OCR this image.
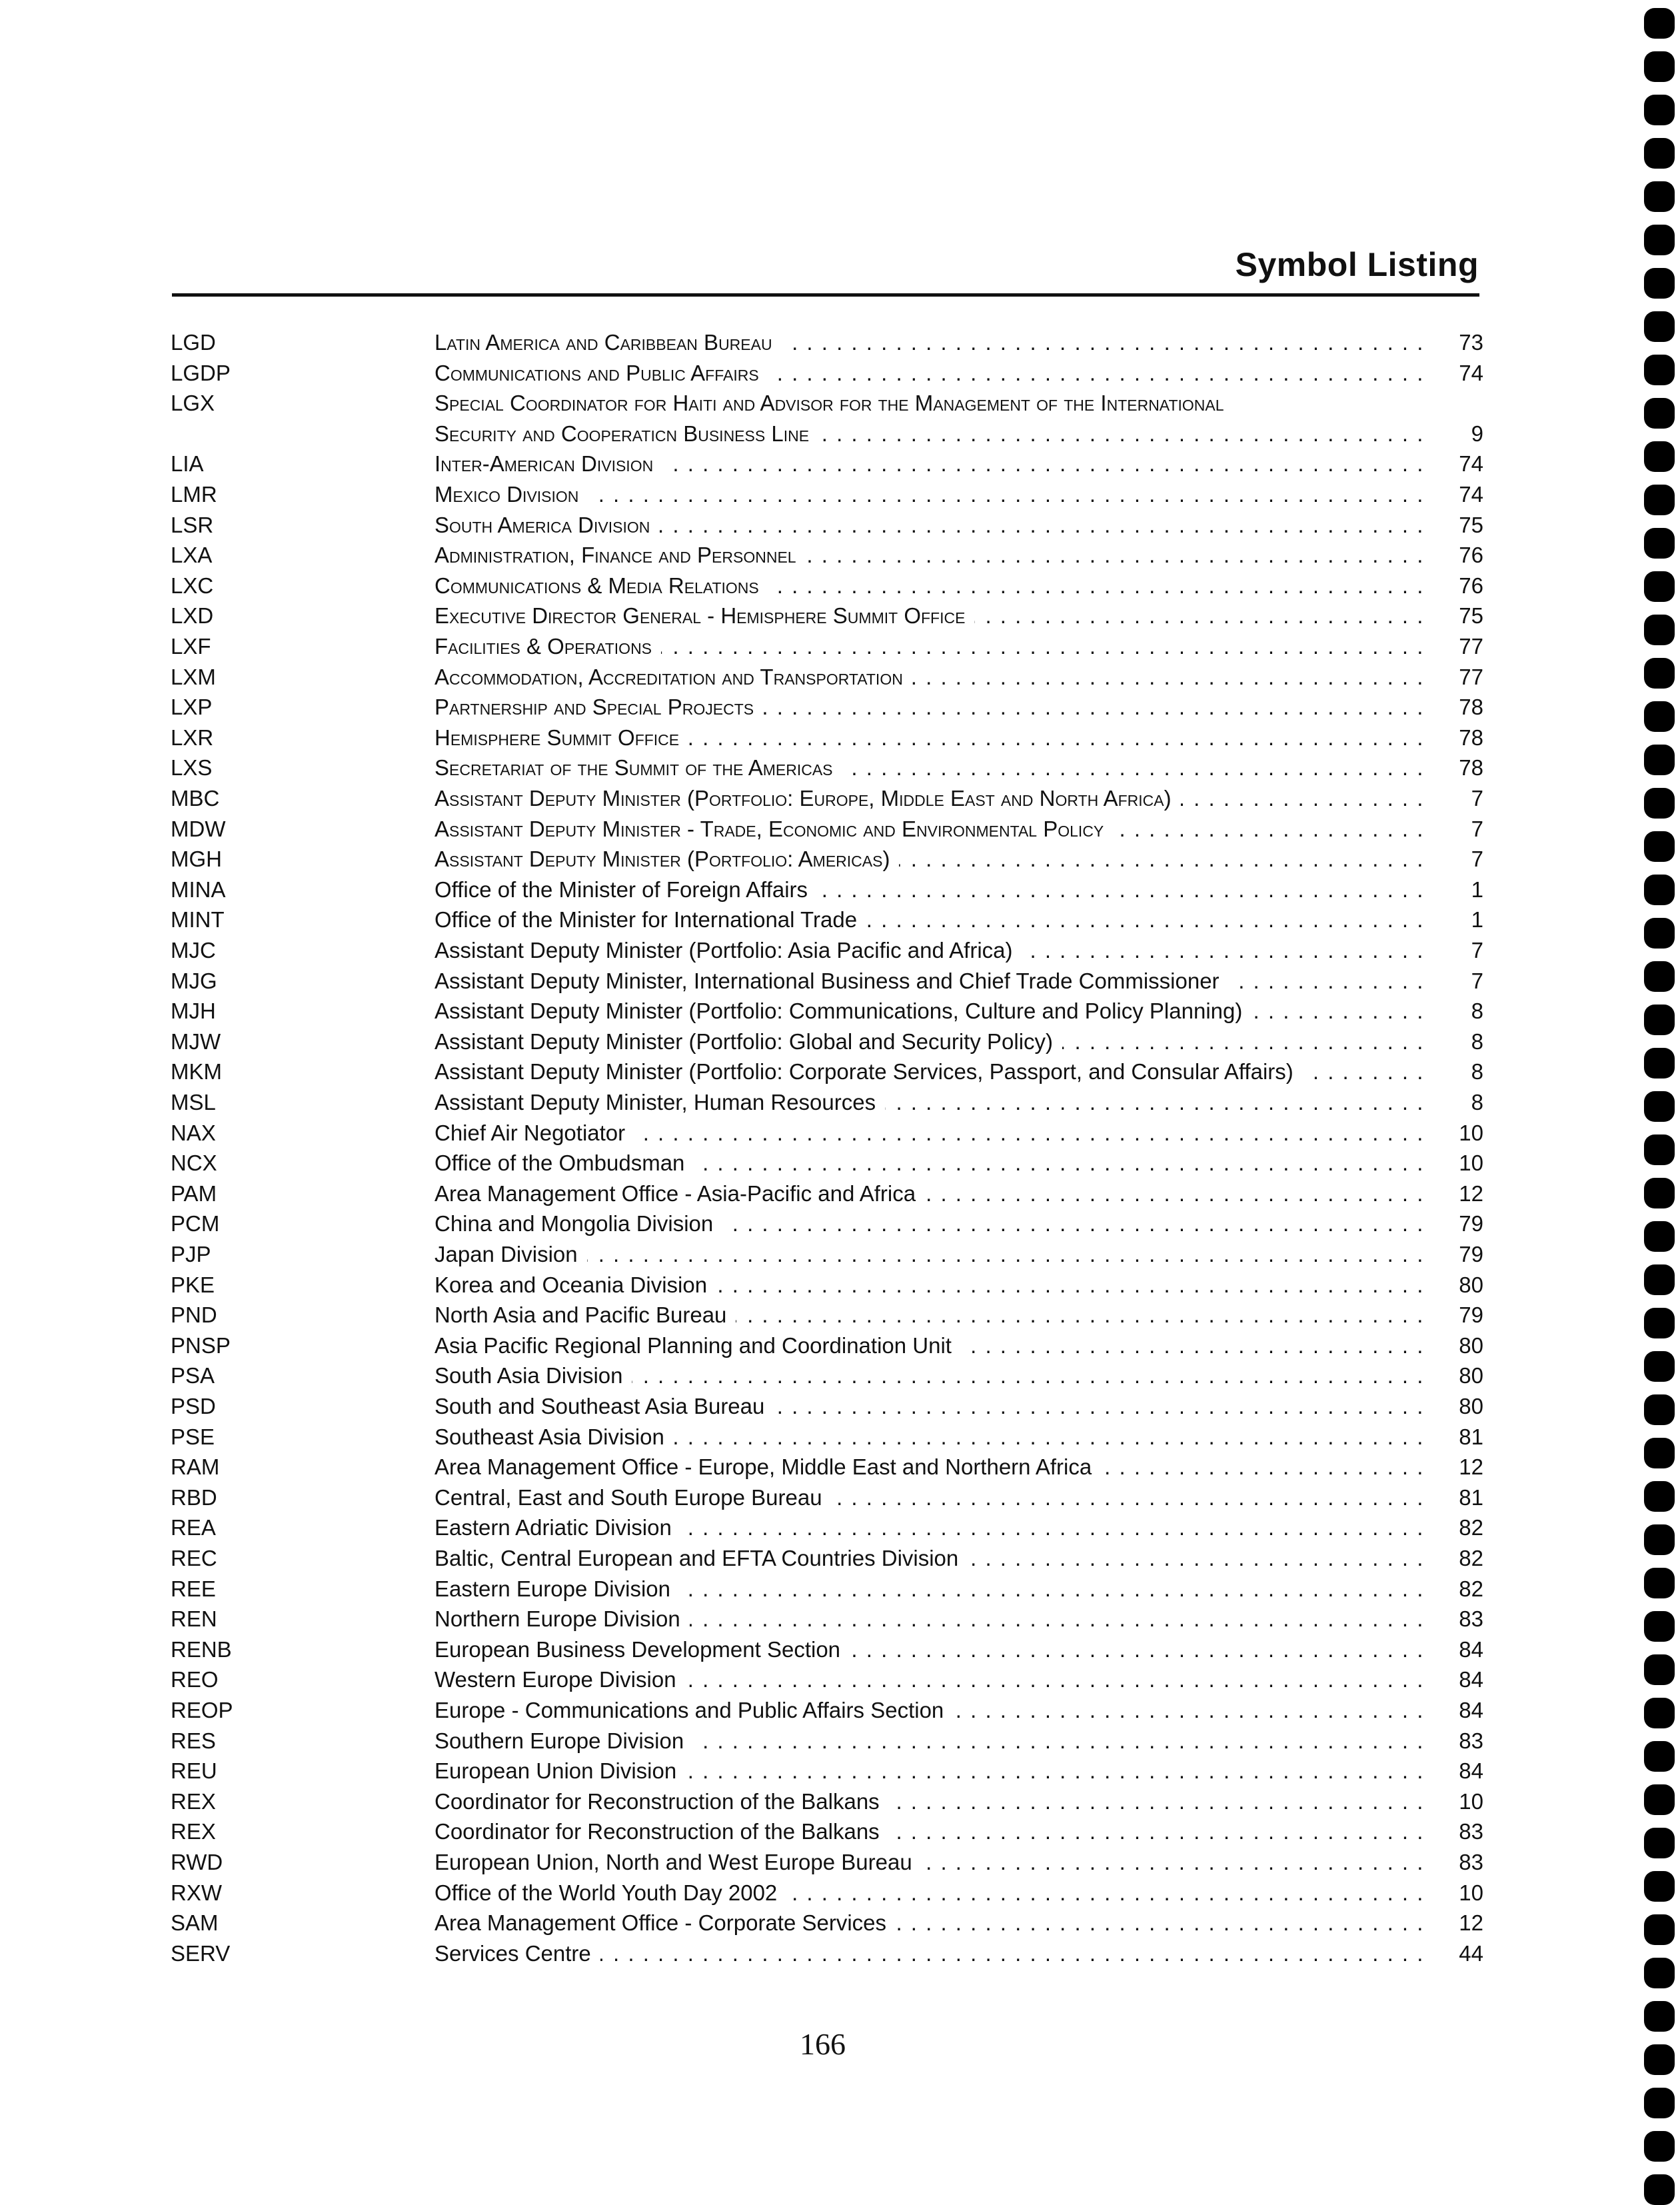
Symbol Listing
LGD	Latin America and Caribbean Bureau . . .	73
LGDP	Communications and Public Affairs . . .	74
LGX	Special Coordinator for Haiti and Advisor for the Management of the International
Security and Cooperaticn Business Line . . .	9
LIA	Inter-American Division . . .	74
LMR	Mexico Division . . .	74
LSR	South America Division . . .	75
LXA	Administration, Finance and Personnel . . .	76
LXC	Communications & Media Relations . . .	76
LXD	Executive Director General - Hemisphere Summit Office . . .	75
LXF	Facilities & Operations . . .	77
LXM	Accommodation, Accreditation and Transportation . . .	77
LXP	Partnership and Special Projects . . .	78
LXR	Hemisphere Summit Office . . .	78
LXS	Secretariat of the Summit of the Americas . . .	78
MBC	Assistant Deputy Minister (Portfolio: Europe, Middle East and North Africa) . . .	7
MDW	Assistant Deputy Minister - Trade, Economic and Environmental Policy . . .	7
MGH	Assistant Deputy Minister (Portfolio: Americas) . . .	7
MINA	Office of the Minister of Foreign Affairs . . .	1
MINT	Office of the Minister for International Trade . . .	1
MJC	Assistant Deputy Minister (Portfolio: Asia Pacific and Africa) . . .	7
MJG	Assistant Deputy Minister, International Business and Chief Trade Commissioner . . .	7
MJH	Assistant Deputy Minister (Portfolio: Communications, Culture and Policy Planning) . . .	8
MJW	Assistant Deputy Minister (Portfolio: Global and Security Policy) . . .	8
MKM	Assistant Deputy Minister (Portfolio: Corporate Services, Passport, and Consular Affairs) . . .	8
MSL	Assistant Deputy Minister, Human Resources . . .	8
NAX	Chief Air Negotiator . . .	10
NCX	Office of the Ombudsman . . .	10
PAM	Area Management Office - Asia-Pacific and Africa . . .	12
PCM	China and Mongolia Division . . .	79
PJP	Japan Division . . .	79
PKE	Korea and Oceania Division . . .	80
PND	North Asia and Pacific Bureau . . .	79
PNSP	Asia Pacific Regional Planning and Coordination Unit . . .	80
PSA	South Asia Division . . .	80
PSD	South and Southeast Asia Bureau . . .	80
PSE	Southeast Asia Division . . .	81
RAM	Area Management Office - Europe, Middle East and Northern Africa . . .	12
RBD	Central, East and South Europe Bureau . . .	81
REA	Eastern Adriatic Division . . .	82
REC	Baltic, Central European and EFTA Countries Division . . .	82
REE	Eastern Europe Division . . .	82
REN	Northern Europe Division . . .	83
RENB	European Business Development Section . . .	84
REO	Western Europe Division . . .	84
REOP	Europe - Communications and Public Affairs Section . . .	84
RES	Southern Europe Division . . .	83
REU	European Union Division . . .	84
REX	Coordinator for Reconstruction of the Balkans . . .	10
REX	Coordinator for Reconstruction of the Balkans . . .	83
RWD	European Union, North and West Europe Bureau . . .	83
RXW	Office of the World Youth Day 2002 . . .	10
SAM	Area Management Office - Corporate Services . . .	12
SERV	Services Centre . . .	44
166
